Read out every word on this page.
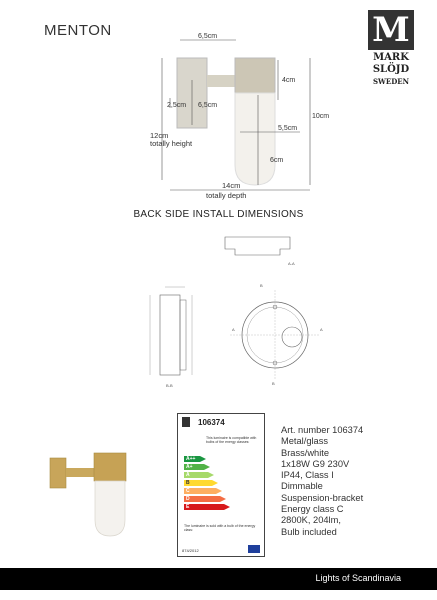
MENTON	M
MARK
SLÖJD
SWEDEN
6,5cm
4cm
2,5cm 6,5cm
5,5cm
6cm
10cm
12cm
totally height
14cm
totally depth
BACK SIDE INSTALL DIMENSIONS
A-A
B-B
A	A
B
B
106374
This luminaire is compatible with bulbs of the energy classes:
A++
A+
A
B
C
D
E
The luminaire is sold with a bulb of the energy class:
874/2012
Art. number 106374
Metal/glass
Brass/white
1x18W G9 230V
IP44, Class I
Dimmable
Suspension-bracket
Energy class C
2800K, 204lm,
Bulb included
Lights of Scandinavia
